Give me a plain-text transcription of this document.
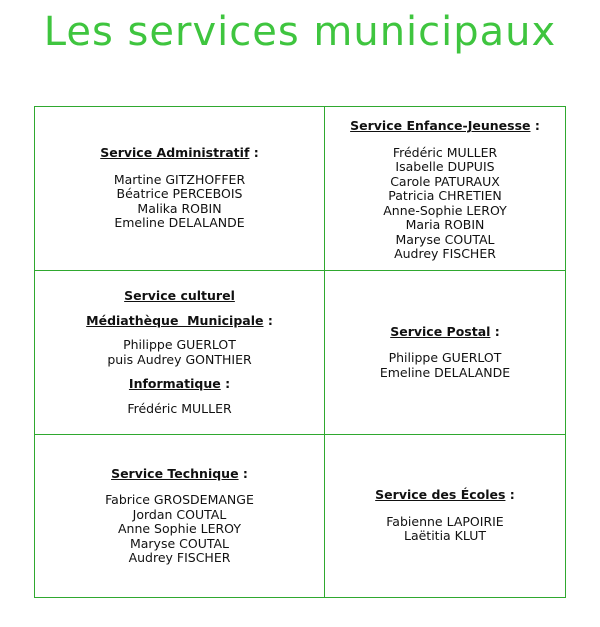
Les services municipaux

Service Administratif :

Martine GITZHOFFER

Béatrice PERCEBOIS

Malika ROBIN

Emeline DELALANDE

Service Enfance-Jeunesse :

Frédéric MULLER

Isabelle DUPUIS

Carole PATURAUX

Patricia CHRETIEN

Anne-Sophie LEROY

Maria ROBIN

Maryse COUTAL

Audrey FISCHER

Service culturel

Médiathèque  Municipale :

Philippe GUERLOT

puis Audrey GONTHIER

Informatique :

Frédéric MULLER

Service Postal :

Philippe GUERLOT

Emeline DELALANDE

Service Technique :

Fabrice GROSDEMANGE

Jordan COUTAL

Anne Sophie LEROY

Maryse COUTAL

Audrey FISCHER

Service des Écoles :

Fabienne LAPOIRIE

Laëtitia KLUT
